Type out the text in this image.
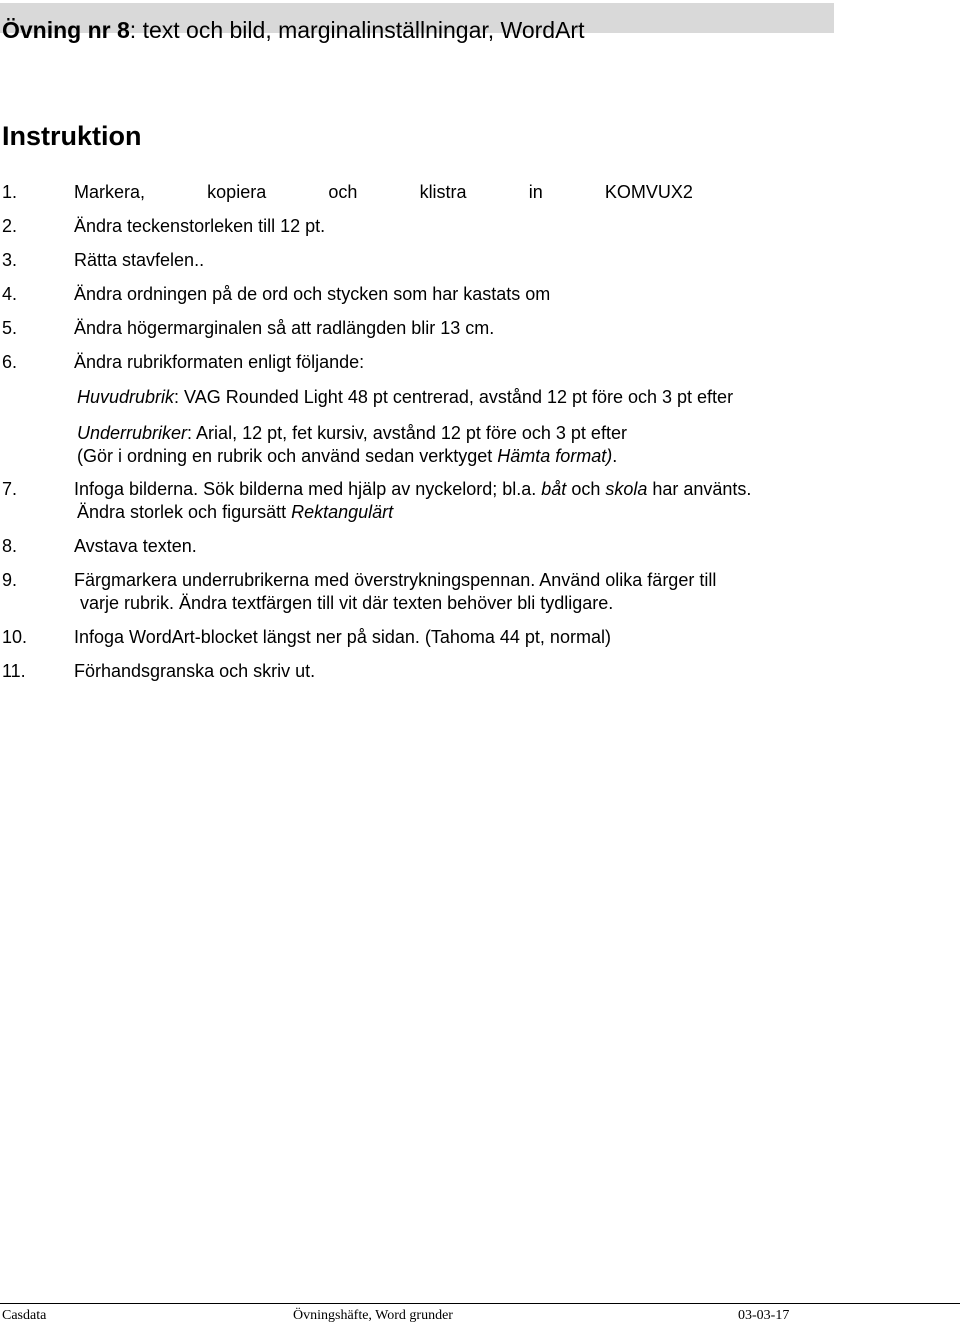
Övning nr 8: text och bild, marginalinställningar, WordArt
Instruktion
1.	Markera,	kopiera	och	klistra	in	KOMVUX2
2.	Ändra teckenstorleken till 12 pt.
3.	Rätta stavfelen..
4.	Ändra ordningen på de ord och stycken som har kastats om
5.	Ändra högermarginalen så att radlängden blir 13 cm.
6.	Ändra rubrikformaten enligt följande:
Huvudrubrik: VAG Rounded Light 48 pt centrerad, avstånd 12 pt före och 3 pt efter
Underrubriker: Arial, 12 pt, fet kursiv, avstånd 12 pt före och 3 pt efter
(Gör i ordning en rubrik och använd sedan verktyget Hämta format).
7.	Infoga bilderna. Sök bilderna med hjälp av nyckelord; bl.a. båt och skola har använts.
Ändra storlek och figursätt Rektangulärt
8.	Avstava texten.
9.	Färgmarkera underrubrikerna med överstrykningspennan. Använd olika färger till
varje rubrik. Ändra textfärgen till vit där texten behöver bli tydligare.
10.	Infoga WordArt-blocket längst ner på sidan. (Tahoma 44 pt, normal)
11.	Förhandsgranska och skriv ut.
Casdata	Övningshäfte, Word grunder	03-03-17
